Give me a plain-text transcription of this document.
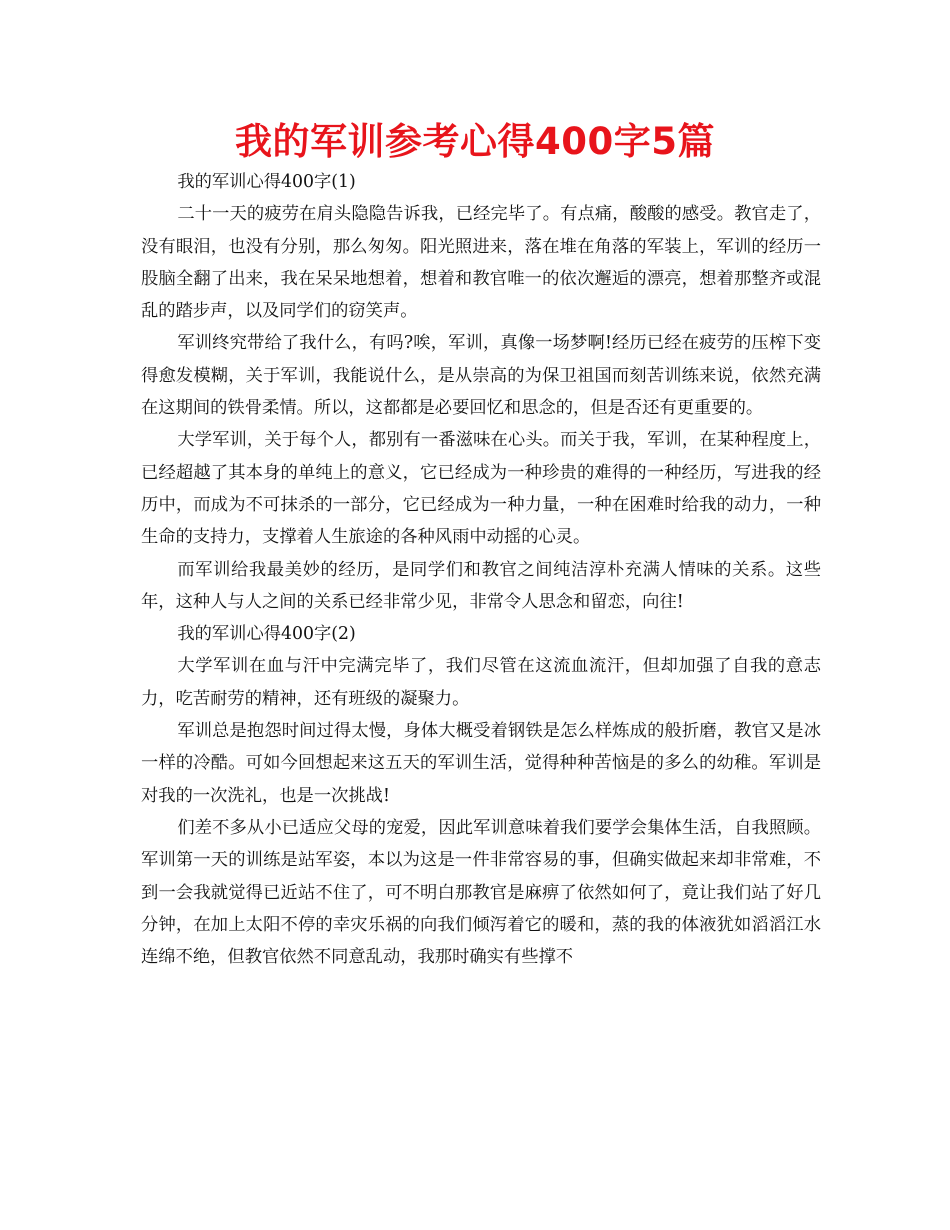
我的军训参考心得400字5篇

我的军训心得400字(1)

二十一天的疲劳在肩头隐隐告诉我，已经完毕了。有点痛，酸酸的感受。教官走了，没有眼泪，也没有分别，那么匆匆。阳光照进来，落在堆在角落的军装上，军训的经历一股脑全翻了出来，我在呆呆地想着，想着和教官唯一的依次邂逅的漂亮，想着那整齐或混乱的踏步声，以及同学们的窃笑声。

军训终究带给了我什么，有吗?唉，军训，真像一场梦啊!经历已经在疲劳的压榨下变得愈发模糊，关于军训，我能说什么，是从崇高的为保卫祖国而刻苦训练来说，依然充满在这期间的铁骨柔情。所以，这都都是必要回忆和思念的，但是否还有更重要的。

大学军训，关于每个人，都别有一番滋味在心头。而关于我，军训，在某种程度上，已经超越了其本身的单纯上的意义，它已经成为一种珍贵的难得的一种经历，写进我的经历中，而成为不可抹杀的一部分，它已经成为一种力量，一种在困难时给我的动力，一种生命的支持力，支撑着人生旅途的各种风雨中动摇的心灵。

而军训给我最美妙的经历，是同学们和教官之间纯洁淳朴充满人情味的关系。这些年，这种人与人之间的关系已经非常少见，非常令人思念和留恋，向往!

我的军训心得400字(2)

大学军训在血与汗中完满完毕了，我们尽管在这流血流汗，但却加强了自我的意志力，吃苦耐劳的精神，还有班级的凝聚力。

军训总是抱怨时间过得太慢，身体大概受着钢铁是怎么样炼成的般折磨，教官又是冰一样的冷酷。可如今回想起来这五天的军训生活，觉得种种苦恼是的多么的幼稚。军训是对我的一次洗礼，也是一次挑战!

们差不多从小已适应父母的宠爱，因此军训意味着我们要学会集体生活，自我照顾。军训第一天的训练是站军姿，本以为这是一件非常容易的事，但确实做起来却非常难，不到一会我就觉得已近站不住了，可不明白那教官是麻痹了依然如何了，竟让我们站了好几分钟，在加上太阳不停的幸灾乐祸的向我们倾泻着它的暖和，蒸的我的体液犹如滔滔江水连绵不绝，但教官依然不同意乱动，我那时确实有些撑不
